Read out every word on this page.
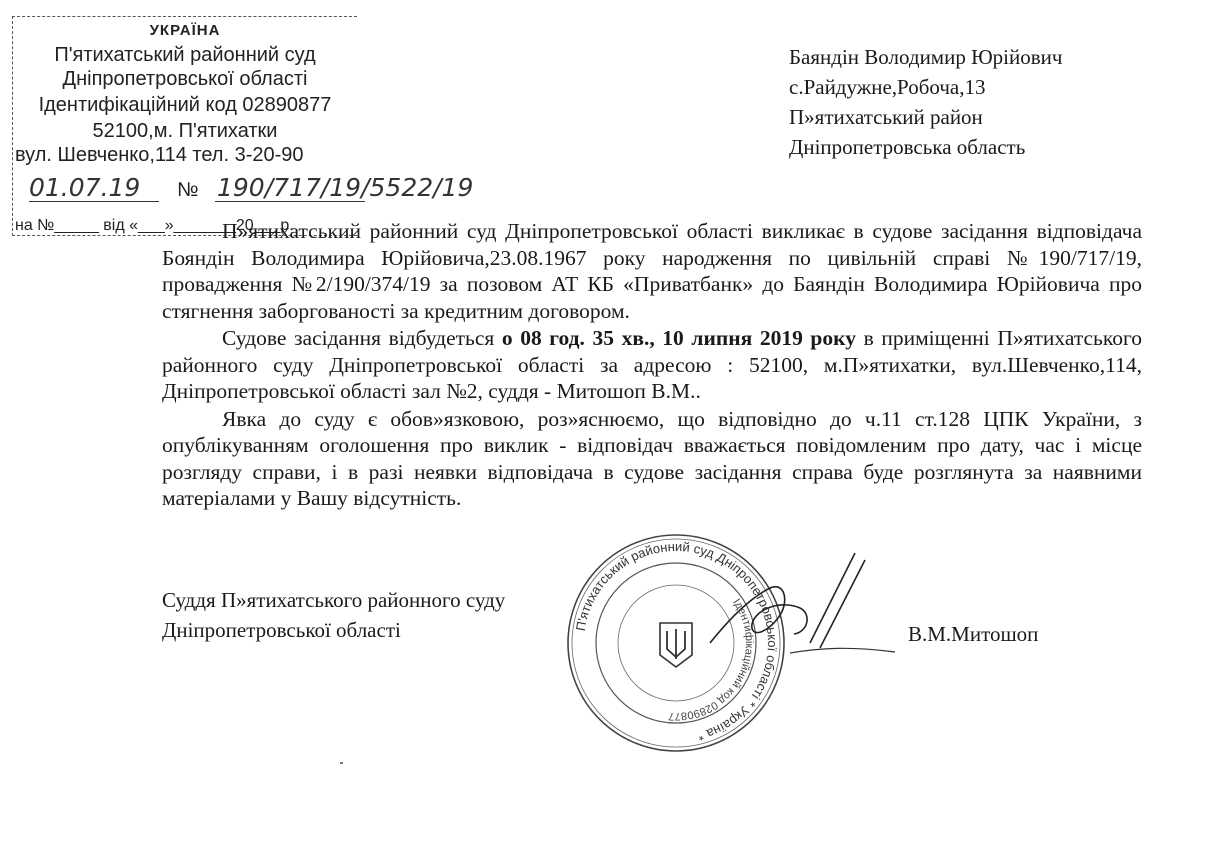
УКРАЇНА
П'ятихатський районний суд
Дніпропетровської області
Ідентифікаційний код 02890877
52100,м. П'ятихатки
вул. Шевченко,114 тел. 3-20-90
01.07.19 № 190/717/19/5522/19
на №_____ від «___»_______20___р.
Баяндін Володимир Юрійович
с.Райдужне,Робоча,13
П»ятихатський район
Дніпропетровська область

П»ятихатський районний суд Дніпропетровської області викликає в судове засідання відповідача Бояндін Володимира Юрійовича,23.08.1967 року народження по цивільній справі №190/717/19, провадження №2/190/374/19 за позовом АТ КБ «Приватбанк» до Баяндін Володимира Юрійовича про стягнення заборгованості за кредитним договором.

Судове засідання відбудеться о 08 год. 35 хв., 10 липня 2019 року в приміщенні П»ятихатського районного суду Дніпропетровської області за адресою : 52100, м.П»ятихатки, вул.Шевченко,114, Дніпропетровської області зал №2, суддя - Митошоп В.М..

Явка до суду є обов»язковою, роз»яснюємо, що відповідно до ч.11 ст.128 ЦПК України, з опублікуванням оголошення про виклик - відповідач вважається повідомленим про дату, час і місце розгляду справи, і в разі неявки відповідача в судове засідання справа буде розглянута за наявними матеріалами у Вашу відсутність.

П'ятихатський районний суд Дніпропетровської області * Україна *
Ідентифікаційний код 02890877
Суддя П»ятихатського районного суду
Дніпропетровської області	В.М.Митошоп
